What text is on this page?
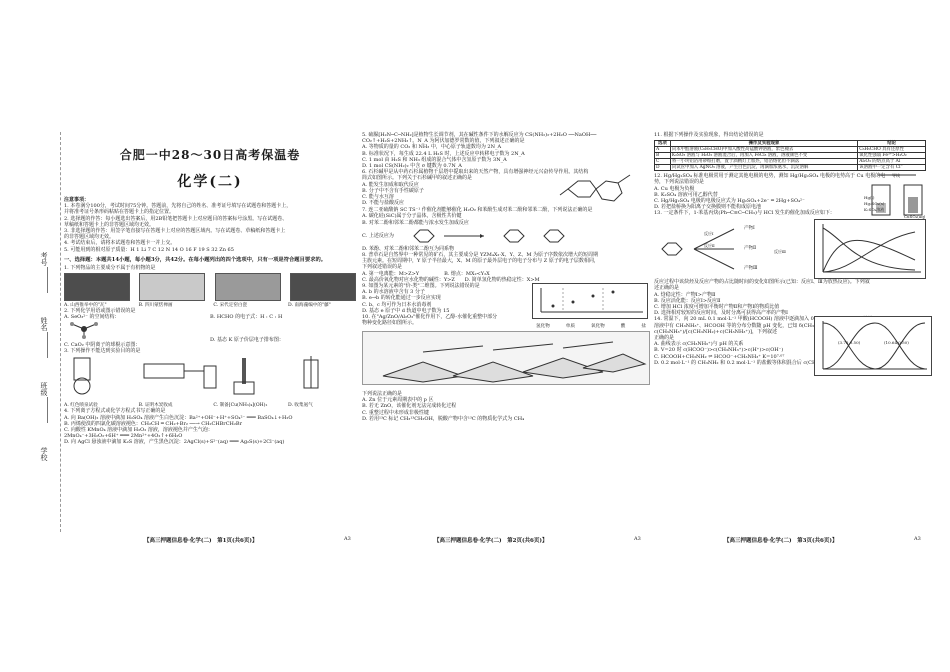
考号
姓名
班级
学校
合肥一中28～30日高考保温卷
化学(二)

注意事项：

1. 本卷满分100分，考试时间75分钟。答题前，先将自己的姓名、准考证号填写在试题卷和答题卡上，

并将准考证号条形码粘贴在答题卡上的指定位置。

2. 选择题的作答：每小题选出答案后，用2B铅笔把答题卡上对应题目的答案标号涂黑。写在试题卷、

草稿纸和答题卡上的非答题区域均无效。

3. 非选择题的作答：用签字笔直接写在答题卡上对应的答题区域内。写在试题卷、草稿纸和答题卡上

的非答题区域均无效。

4. 考试结束后，请将本试题卷和答题卡一并上交。

5. 可能用到的相对原子质量：H 1 Li 7 C 12 N 14 O 16 F 19 S 32 Zn 65

一、选择题：本题共14小题，每小题3分，共42分。在每小题列出的四个选项中，只有一项是符合题目要求的。

1. 下列物品的主要成分不属于有机物的是

A. 山西推举中的"瓦"	B. 四川蒙恬禅画	C. 宋代定窑白瓷	D. 南海藻编中的"藤"

2. 下列化学用语或图示错误的是

A. SeO₃²⁻ 的空间结构：

C. CaO₂ 中阴离子的球棍示意图：

B. HCHO 的电子式：H : C : H

D. 基态 K 原子价层电子排布图：

3. 下列操作不能达到实验目的的是

A. 红色喷泉试验	B. 证明木炭收成	C. 制备[Cu(NH₃)₄](OH)₂	D. 收集氨气

4. 下列离子方程式或化学方程式书写正确的是

A. 向 Ba(OH)₂ 溶液中滴加 H₂SO₄ 溶液产生白色沉淀：Ba²⁺+OH⁻+H⁺+SO₄²⁻ ═══ BaSO₄↓+H₂O

B. 丙烯使溴的四氯化碳溶液褪色：CH₂CH ═ CH₂+Br₂ ──→ CH₂CHBrCH₂Br

C. 向酸性 KMnO₄ 溶液中滴加 H₂O₂ 溶液，溶液褪色并产生气泡：

2MnO₄⁻+3H₂O₂+6H⁺ ═══ 2Mn²⁺+4O₂↑+6H₂O

D. 向 AgCl 悬浊液中滴加 K₂S 溶液，产生黑色沉淀：2AgCl(s)+S²⁻(aq) ═══ Ag₂S(s)+2Cl⁻(aq)

【高三押题信息卷·化学(二)　第1页(共6页)】	A3

5. 硫脲[H₂N─C─NH₂]是植物生长调节剂，其在碱性条件下的水解反应为 CS(NH₂)₂+2H₂O ──NaOH──

CO₂↑+H₂S+2NH₃↑。N_A 为阿伏加德罗常数的值，下列叙述正确的是

A. 等物质的量的 CO₂ 和 NH₃ 中，中心原子轨道数均为 2N_A

B. 标准状况下，每生成 22.4 L H₂S 时，上述反应中转移电子数为 2N_A

C. 1 mol 由 H₂S 和 NH₃ 组成的混合气体中含氢原子数为 3N_A

D. 1 mol CS(NH₂)₂ 中含 σ 键数为 0.7N_A

6. 石杉碱甲是从中药石杉属植物千层塔中提取出来的天然产物，具有增强神经元兴奋传导作用。其结构

简式如图所示。下列关于石杉碱甲的叙述正确的是

A. 能发生加成和取代反应

B. 分子中不含有手性碳原子

C. 能与水互溶

D. 不能与盐酸反应

7. 连二亚硫酸钠 SC TS⁻¹ 作催化剂能够催化 H₂O₂ 和苯酚生成对苯二酚和邻苯二酚，下列说法正确的是

A. 碳化硅(SiC)属于分子晶体，含极性共价键

B. 对苯二酚和邻苯二酚都能与浓水发生加成反应

C. 上述反应为

D. 苯酚、对苯二酚和邻苯二酚互为同系物

8. 普草石是自然界中一种常见的矿石，其主要成分是 YZM₄X₂·X、Y、Z、M 为原子序数依次增大的短周期

主族元素。在短周期中，Y 原子半径最大，X、M 的原子最外层电子的电子分布与 Z 原子的电子层数相同，

下列叙述错误的是

A. 第一电离能：M>Z>Y　　　　　B. 熔点：MX₂<Y₂X

C. 最高价氧化物对应水化物的碱性：Y>Z　　D. 简单氢化物的热稳定性：X>M

9. 如图为某元素的"价-类"二维图。下列说法错误的是

A. b 的水溶液中含有 3 分子

B. e→b 的转化能通过一步反应实现

C. b、c 均可作为日本水消毒剂

D. 基态 e 原子中 d 轨道中电子数为 15

10. 在"Ag/ZnO/Al₂O₃"催化作用下，乙醇-水催化重整中部分

物种变化路径如图所示。

氢化物	单质	氧化物	酸	盐

下列说法正确的是

A. Zn 位于元素周期表中的 p 区

B. 若无 ZnO，该催化剂无法完成转化过程

C. 重整过程中未形成非极性键

D. 若用¹³C 标记 CH₃¹³CH₂OH，脱酸产物中含¹³C 的物质化学式为 CH₄

【高三押题信息卷·化学(二)　第2页(共6页)】	A3

11. 根据下列操作及实验现象，得出结论错误的是

选项	操作及实验现象	结论
A	向苯甲醛溶液(C₆H₅CHO)中加入酸性高锰酸钾溶液，紫色褪去	C₆H₅CHO 具有还原性
B	K₂SO₃ 溶液与 H₂O₂ 溶液混合后，再加入 FeCl₃ 溶液，溶液颜色不变	氧化性强弱 Fe³⁺>H₂O₂
C	将一小块铝箔用砂纸打磨，置于酒精灯上加热，铝箔熔化但不滴落	Al₂O₃ 的熔点高于 Al
D	向试管中加入 AgNO₃ 溶液，产生白色沉淀，再滴加浓氨水，沉淀溶解	该溶液中一定含有 Cl⁻

12. Hg/Hg₂SO₄ 标准电极常用于测定其他电极的电势，测知 Hg/Hg₂SO₄ 电极的电势高于 Cu 电极的电

势，下列说法错误的是

A. Cu 电极为负极

B. K₂SO₄ 溶液可用乙醇代替

C. Hg/Hg₂SO₄ 电极的电极反应式为 Hg₂SO₄+2e⁻ ═ 2Hg+SO₄²⁻

D. 若把盐桥换为阳离子交换膜则不能构成原电池

13. 一定条件下，1-苯基丙炔(Ph─C≡C─CH₃)与 HCl 发生的催化加成反应如下：

导线
Hg(l)
Hg₂SO₄(s)
K₂SO₄溶液
CuSO₄(aq)
产物Ⅰ
产物Ⅱ
产物Ⅲ
反应Ⅰ
反应Ⅱ
反应Ⅲ

反应过程中该炔烃及反应产物的占比随时间的变化如图所示(已知：反应Ⅰ、Ⅲ为放热反应)。下列叙

述正确的是

A. 焓稳定性：产物Ⅰ>产物Ⅱ

B. 反应活化能：反应Ⅰ>反应Ⅱ

C. 增加 HCl 浓度可增加平衡时产物Ⅱ和产物Ⅰ的物质比值

D. 选择相对较短的反应时间，及时分离可获得高产率的产物Ⅰ

14. 常温下，向 20 mL 0.1 mol·L⁻¹ 甲酸(HCOOH) 溶液中逐滴加入 0.1 mol·L⁻¹ CH₃NH₂ 溶液，

溶液中有 CH₃NH₃⁺、HCOOH 等的分布分数随 pH 变化，已知 δ(CH₃NH₃⁺)=

c(CH₃NH₃⁺)/[c(CH₃NH₂)+c(CH₃NH₃⁺)]，下列叙述

正确的是

A. 曲线表示 c(CH₃NH₃⁺)与 pH 的关系

B. V=20 时 c(HCOO⁻)>c(CH₃NH₃⁺)>c(H⁺)>c(OH⁻)

C. HCOOH+CH₃NH₂ ⇌ HCOO⁻+CH₃NH₃⁺ K=10⁷·⁰⁷

D. 0.2 mol·L⁻¹ 的 CH₃NH₂ 和 0.2 mol·L⁻¹ 的盐酸等体积混合后 c(CH₃NH₃⁺)>c(OH⁻)

(3.75,0.50)	(10.64,0.50)
【高三押题信息卷·化学(二)　第3页(共6页)】	A3
